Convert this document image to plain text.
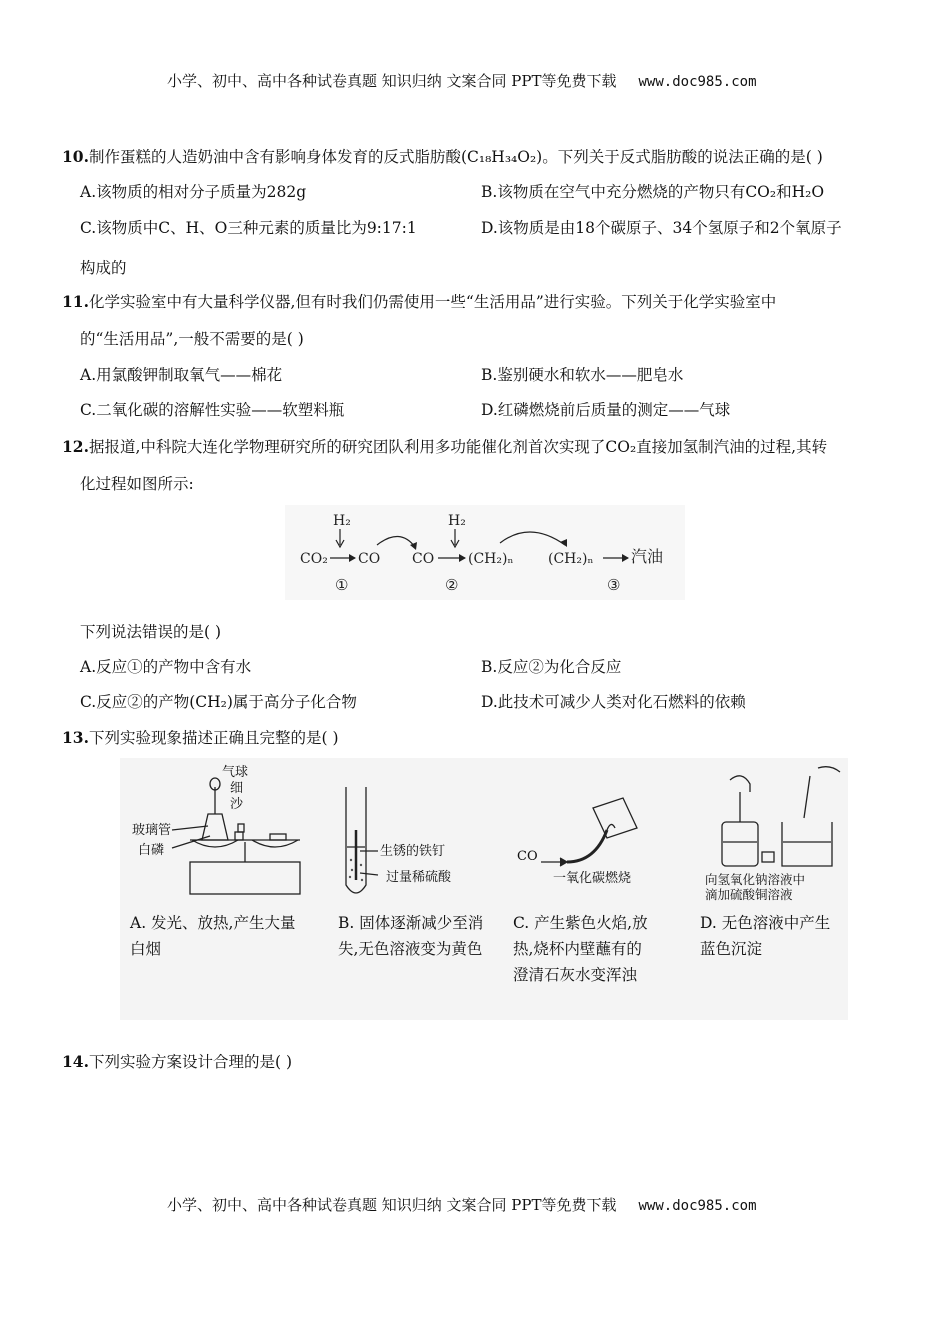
小学、初中、高中各种试卷真题 知识归纳 文案合同 PPT等免费下载 www.doc985.com
10.制作蛋糕的人造奶油中含有影响身体发育的反式脂肪酸(C₁₈H₃₄O₂)。下列关于反式脂肪酸的说法正确的是( )
A.该物质的相对分子质量为282g	B.该物质在空气中充分燃烧的产物只有CO₂和H₂O
C.该物质中C、H、O三种元素的质量比为9:17:1	D.该物质是由18个碳原子、34个氢原子和2个氧原子
构成的
11.化学实验室中有大量科学仪器,但有时我们仍需使用一些“生活用品”进行实验。下列关于化学实验室中
的“生活用品”,一般不需要的是( )
A.用氯酸钾制取氧气——棉花	B.鉴别硬水和软水——肥皂水
C.二氧化碳的溶解性实验——软塑料瓶	D.红磷燃烧前后质量的测定——气球
12.据报道,中科院大连化学物理研究所的研究团队利用多功能催化剂首次实现了CO₂直接加氢制汽油的过程,其转
化过程如图所示:
H₂
CO₂ CO
①
CO
H₂
(CH₂)ₙ
②
(CH₂)ₙ 汽油
③
下列说法错误的是( )
A.反应①的产物中含有水	B.反应②为化合反应
C.反应②的产物(CH₂)属于高分子化合物	D.此技术可减少人类对化石燃料的依赖
13.下列实验现象描述正确且完整的是( )
气球
细
沙
玻璃管
白磷
A. 发光、放热,产生大量白烟
生锈的铁钉
过量稀硫酸
B. 固体逐渐减少至消失,无色溶液变为黄色
CO
一氧化碳燃烧
C. 产生紫色火焰,放热,烧杯内壁蘸有的澄清石灰水变浑浊
向氢氧化钠溶液中
滴加硫酸铜溶液
D. 无色溶液中产生蓝色沉淀
14.下列实验方案设计合理的是( )
小学、初中、高中各种试卷真题 知识归纳 文案合同 PPT等免费下载 www.doc985.com
